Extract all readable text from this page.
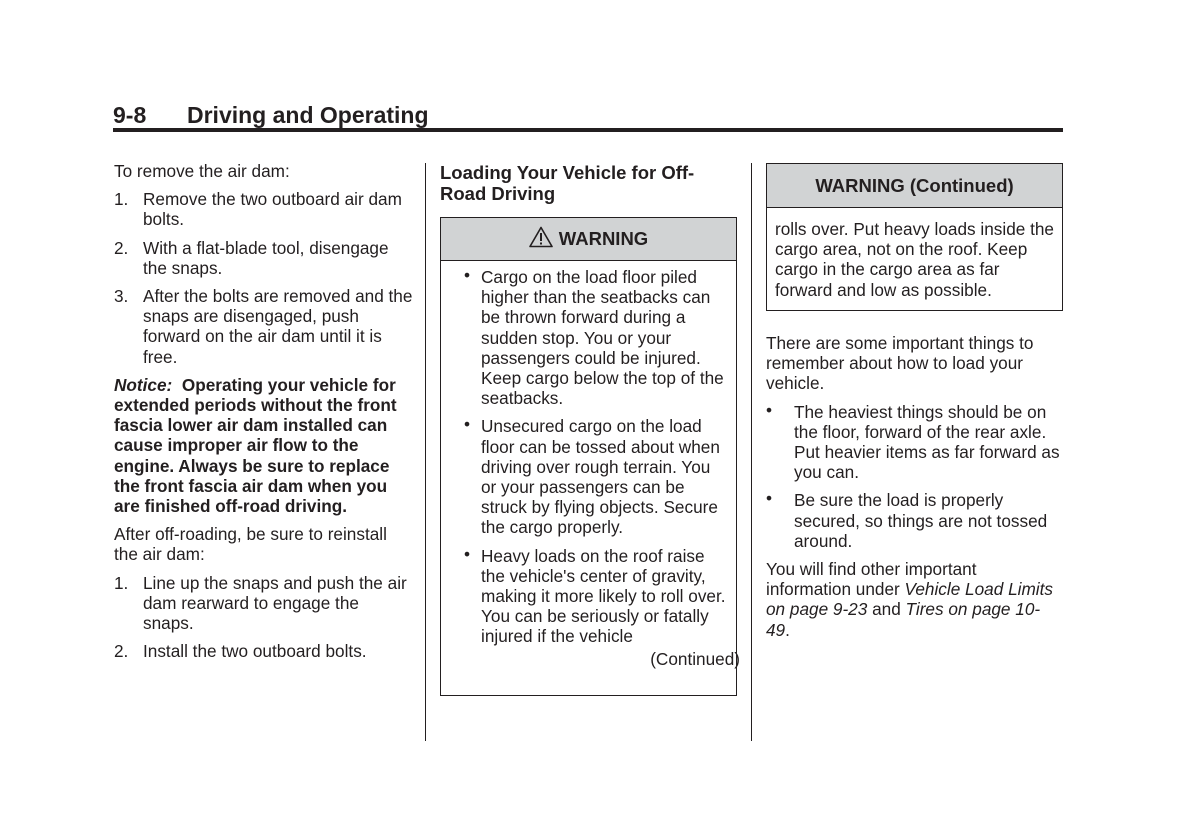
9-8 Driving and Operating

To remove the air dam:

1. Remove the two outboard air dam bolts.
2. With a flat-blade tool, disengage the snaps.
3. After the bolts are removed and the snaps are disengaged, push forward on the air dam until it is free.

Notice: Operating your vehicle for extended periods without the front fascia lower air dam installed can cause improper air flow to the engine. Always be sure to replace the front fascia air dam when you are finished off-road driving.

After off-roading, be sure to reinstall the air dam:

1. Line up the snaps and push the air dam rearward to engage the snaps.
2. Install the two outboard bolts.
Loading Your Vehicle for Off-Road Driving
WARNING
• Cargo on the load floor piled higher than the seatbacks can be thrown forward during a sudden stop. You or your passengers could be injured. Keep cargo below the top of the seatbacks.
• Unsecured cargo on the load floor can be tossed about when driving over rough terrain. You or your passengers can be struck by flying objects. Secure the cargo properly.
• Heavy loads on the roof raise the vehicle's center of gravity, making it more likely to roll over. You can be seriously or fatally injured if the vehicle
(Continued)
WARNING (Continued)
rolls over. Put heavy loads inside the cargo area, not on the roof. Keep cargo in the cargo area as far forward and low as possible.

There are some important things to remember about how to load your vehicle.

• The heaviest things should be on the floor, forward of the rear axle. Put heavier items as far forward as you can.
• Be sure the load is properly secured, so things are not tossed around.

You will find other important information under Vehicle Load Limits on page 9-23 and Tires on page 10-49.
